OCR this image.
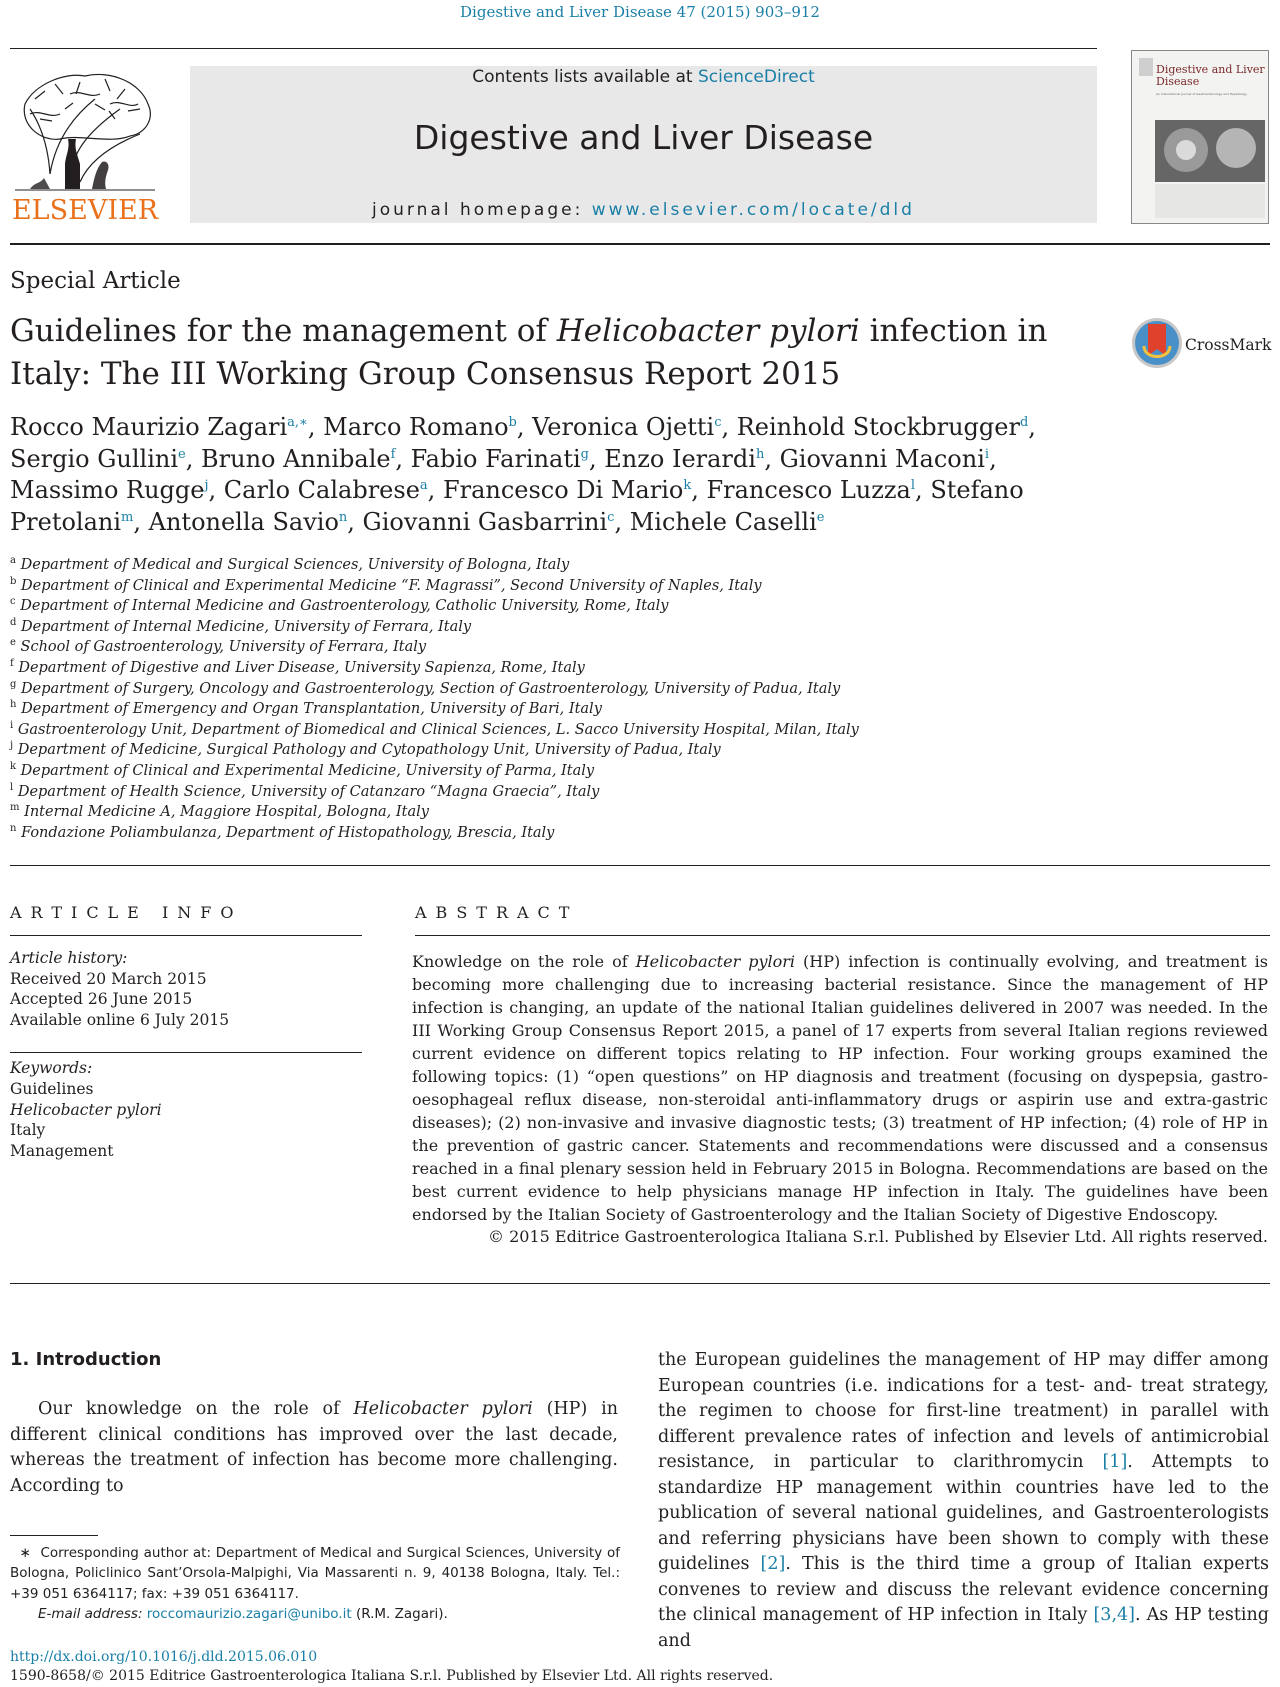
Digestive and Liver Disease 47 (2015) 903–912
ELSEVIER
Contents lists available at ScienceDirect
Digestive and Liver Disease
journal homepage: www.elsevier.com/locate/dld
Digestive and Liver Disease
An International Journal of Gastroenterology and Hepatology
Special Article
Guidelines for the management of Helicobacter pylori infection in Italy: The III Working Group Consensus Report 2015
CrossMark
Rocco Maurizio Zagari$^{a,∗}$, Marco Romano$^b$, Veronica Ojetti$^c$, Reinhold Stockbrugger$^d$, Sergio Gullini$^e$, Bruno Annibale$^f$, Fabio Farinati$^g$, Enzo Ierardi$^h$, Giovanni Maconi$^i$, Massimo Rugge$^j$, Carlo Calabrese$^a$, Francesco Di Mario$^k$, Francesco Luzza$^l$, Stefano Pretolani$^m$, Antonella Savio$^n$, Giovanni Gasbarrini$^c$, Michele Caselli$^e$
$^a$ Department of Medical and Surgical Sciences, University of Bologna, Italy
$^b$ Department of Clinical and Experimental Medicine “F. Magrassi”, Second University of Naples, Italy
$^c$ Department of Internal Medicine and Gastroenterology, Catholic University, Rome, Italy
$^d$ Department of Internal Medicine, University of Ferrara, Italy
$^e$ School of Gastroenterology, University of Ferrara, Italy
$^f$ Department of Digestive and Liver Disease, University Sapienza, Rome, Italy
$^g$ Department of Surgery, Oncology and Gastroenterology, Section of Gastroenterology, University of Padua, Italy
$^h$ Department of Emergency and Organ Transplantation, University of Bari, Italy
$^i$ Gastroenterology Unit, Department of Biomedical and Clinical Sciences, L. Sacco University Hospital, Milan, Italy
$^j$ Department of Medicine, Surgical Pathology and Cytopathology Unit, University of Padua, Italy
$^k$ Department of Clinical and Experimental Medicine, University of Parma, Italy
$^l$ Department of Health Science, University of Catanzaro “Magna Graecia”, Italy
$^m$ Internal Medicine A, Maggiore Hospital, Bologna, Italy
$^n$ Fondazione Poliambulanza, Department of Histopathology, Brescia, Italy
ARTICLE INFO	ABSTRACT
Article history:
Received 20 March 2015
Accepted 26 June 2015
Available online 6 July 2015
Keywords:
Guidelines
Helicobacter pylori
Italy
Management
Knowledge on the role of Helicobacter pylori (HP) infection is continually evolving, and treatment is becoming more challenging due to increasing bacterial resistance. Since the management of HP infection is changing, an update of the national Italian guidelines delivered in 2007 was needed. In the III Working Group Consensus Report 2015, a panel of 17 experts from several Italian regions reviewed current evidence on different topics relating to HP infection. Four working groups examined the following topics: (1) “open questions” on HP diagnosis and treatment (focusing on dyspepsia, gastro-oesophageal reflux disease, non-steroidal anti-inflammatory drugs or aspirin use and extra-gastric diseases); (2) non-invasive and invasive diagnostic tests; (3) treatment of HP infection; (4) role of HP in the prevention of gastric cancer. Statements and recommendations were discussed and a consensus reached in a final plenary session held in February 2015 in Bologna. Recommendations are based on the best current evidence to help physicians manage HP infection in Italy. The guidelines have been endorsed by the Italian Society of Gastroenterology and the Italian Society of Digestive Endoscopy.
© 2015 Editrice Gastroenterologica Italiana S.r.l. Published by Elsevier Ltd. All rights reserved.
1. Introduction
Our knowledge on the role of Helicobacter pylori (HP) in different clinical conditions has improved over the last decade, whereas the treatment of infection has become more challenging. According to
the European guidelines the management of HP may differ among European countries (i.e. indications for a test- and- treat strategy, the regimen to choose for first-line treatment) in parallel with different prevalence rates of infection and levels of antimicrobial resistance, in particular to clarithromycin [1]. Attempts to standardize HP management within countries have led to the publication of several national guidelines, and Gastroenterologists and referring physicians have been shown to comply with these guidelines [2]. This is the third time a group of Italian experts convenes to review and discuss the relevant evidence concerning the clinical management of HP infection in Italy [3,4]. As HP testing and
∗ Corresponding author at: Department of Medical and Surgical Sciences, University of Bologna, Policlinico Sant’Orsola-Malpighi, Via Massarenti n. 9, 40138 Bologna, Italy. Tel.: +39 051 6364117; fax: +39 051 6364117.
E-mail address: roccomaurizio.zagari@unibo.it (R.M. Zagari).
http://dx.doi.org/10.1016/j.dld.2015.06.010
1590-8658/© 2015 Editrice Gastroenterologica Italiana S.r.l. Published by Elsevier Ltd. All rights reserved.
